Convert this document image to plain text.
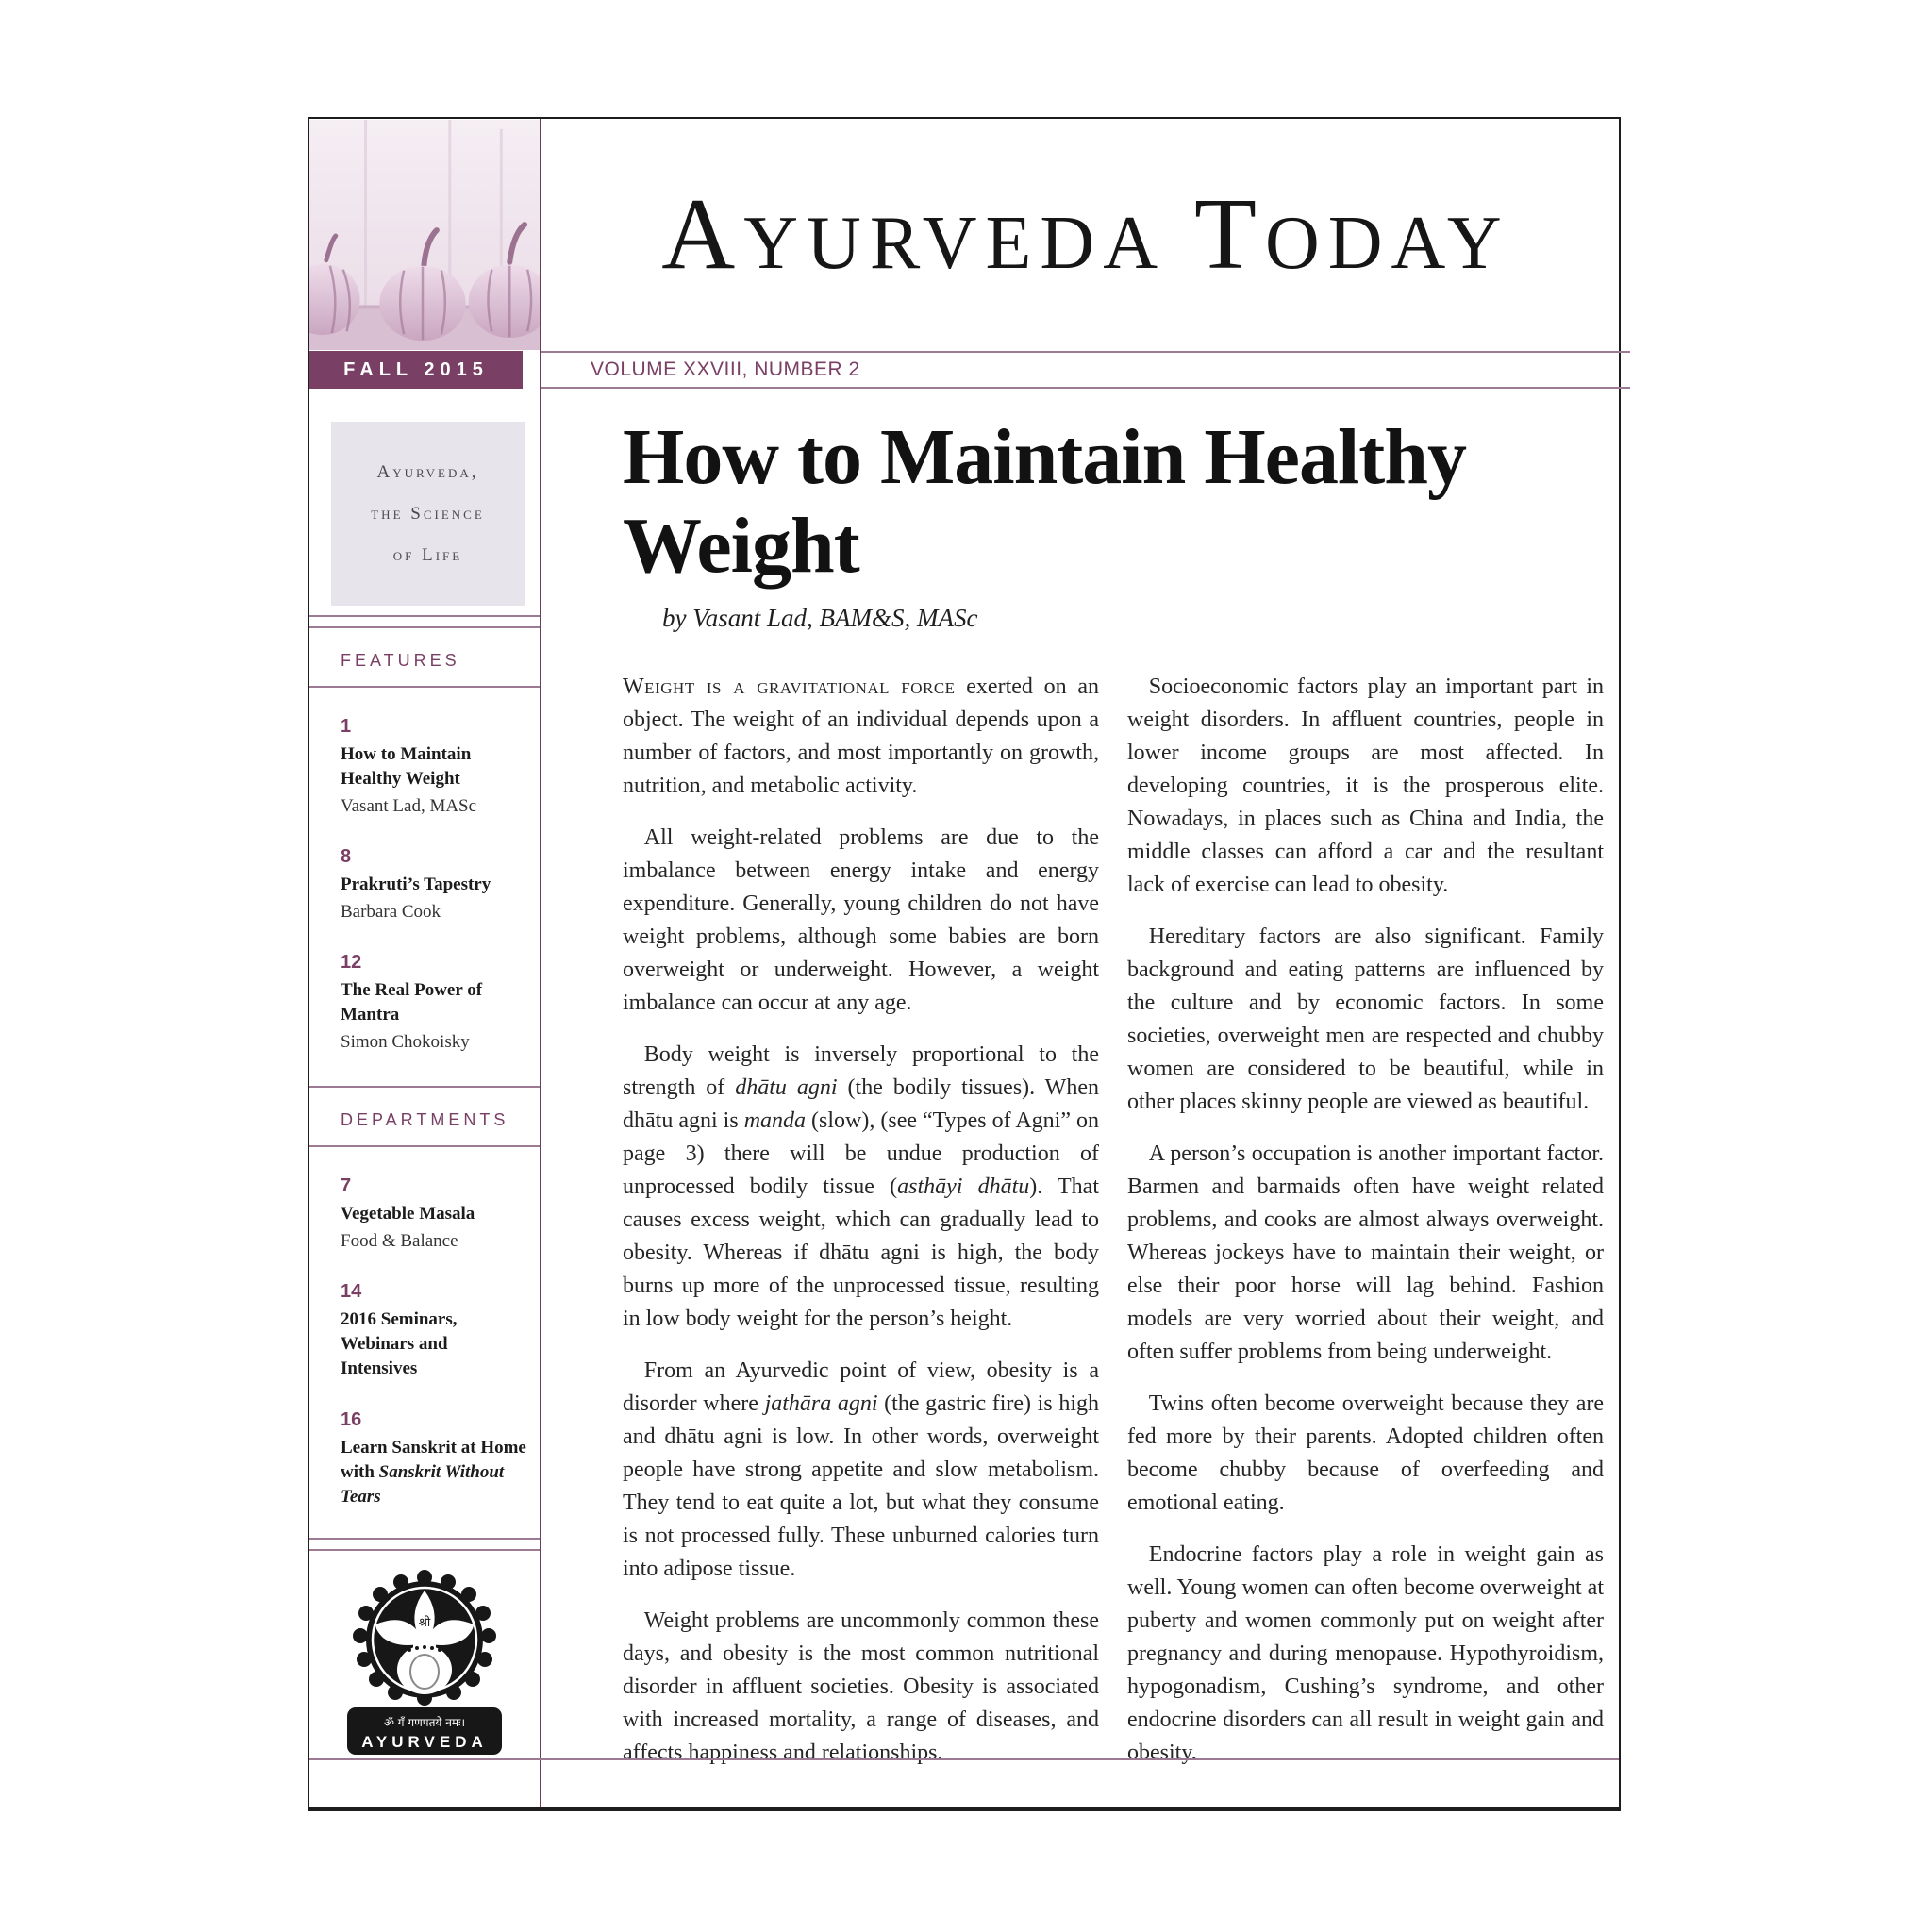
FALL 2015
Ayurveda,
the Science
of Life
FEATURES
1
How to Maintain Healthy Weight
Vasant Lad, MASc
8
Prakruti’s Tapestry
Barbara Cook
12
The Real Power of Mantra
Simon Chokoisky
DEPARTMENTS
7
Vegetable Masala
Food & Balance
14
2016 Seminars, Webinars and Intensives
16
Learn Sanskrit at Home with Sanskrit Without Tears
श्री
ॐ गँ गणपतये नमः।
AYURVEDA
AYURVEDA TODAY
VOLUME XXVIII, NUMBER 2
How to Maintain Healthy Weight
by Vasant Lad, BAM&S, MASc

Weight is a gravitational force exerted on an object. The weight of an individual depends upon a number of factors, and most importantly on growth, nutrition, and metabolic activity.

All weight-related problems are due to the imbalance between energy intake and energy expenditure. Generally, young children do not have weight problems, although some babies are born overweight or underweight. However, a weight imbalance can occur at any age.

Body weight is inversely proportional to the strength of dhātu agni (the bodily tissues). When dhātu agni is manda (slow), (see “Types of Agni” on page 3) there will be undue production of unprocessed bodily tissue (asthāyi dhātu). That causes excess weight, which can gradually lead to obesity. Whereas if dhātu agni is high, the body burns up more of the unprocessed tissue, resulting in low body weight for the person’s height.

From an Ayurvedic point of view, obesity is a disorder where jathāra agni (the gastric fire) is high and dhātu agni is low. In other words, overweight people have strong appetite and slow metabolism. They tend to eat quite a lot, but what they consume is not processed fully. These unburned calories turn into adipose tissue.

Weight problems are uncommonly common these days, and obesity is the most common nutritional disorder in affluent societies. Obesity is associated with increased mortality, a range of diseases, and affects happiness and relationships.

Socioeconomic factors play an important part in weight disorders. In affluent countries, people in lower income groups are most affected. In developing countries, it is the prosperous elite. Nowadays, in places such as China and India, the middle classes can afford a car and the resultant lack of exercise can lead to obesity.

Hereditary factors are also significant. Family background and eating patterns are influenced by the culture and by economic factors. In some societies, overweight men are respected and chubby women are considered to be beautiful, while in other places skinny people are viewed as beautiful.

A person’s occupation is another important factor. Barmen and barmaids often have weight related problems, and cooks are almost always overweight. Whereas jockeys have to maintain their weight, or else their poor horse will lag behind. Fashion models are very worried about their weight, and often suffer problems from being underweight.

Twins often become overweight because they are fed more by their parents. Adopted children often become chubby because of overfeeding and emotional eating.

Endocrine factors play a role in weight gain as well. Young women can often become overweight at puberty and women commonly put on weight after pregnancy and during menopause. Hypothyroidism, hypogonadism, Cushing’s syndrome, and other endocrine disorders can all result in weight gain and obesity.
